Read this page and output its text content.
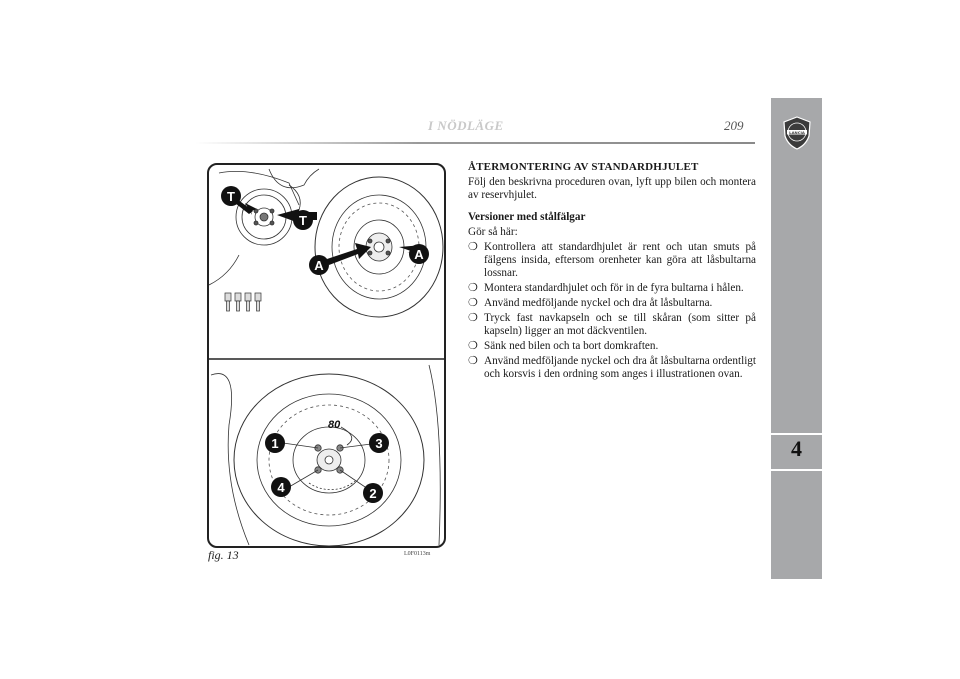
I NÖDLÄGE	209	LANCIA
4
T
T
A
A
80
1	3
4	2
fig. 13	L0F0113m
ÅTERMONTERING AV STANDARDHJULET

Följ den beskrivna proceduren ovan, lyft upp bilen och montera av reservhjulet.

Versioner med stålfälgar

Gör så här:

❍ Kontrollera att standardhjulet är rent och utan smuts på fälgens insida, eftersom orenheter kan göra att låsbultarna lossnar.
❍ Montera standardhjulet och för in de fyra bultarna i hålen.
❍ Använd medföljande nyckel och dra åt låsbultarna.
❍ Tryck fast navkapseln och se till skåran (som sitter på kapseln) ligger an mot däckventilen.
❍ Sänk ned bilen och ta bort domkraften.
❍ Använd medföljande nyckel och dra åt låsbultarna ordentligt och korsvis i den ordning som anges i illustrationen ovan.
